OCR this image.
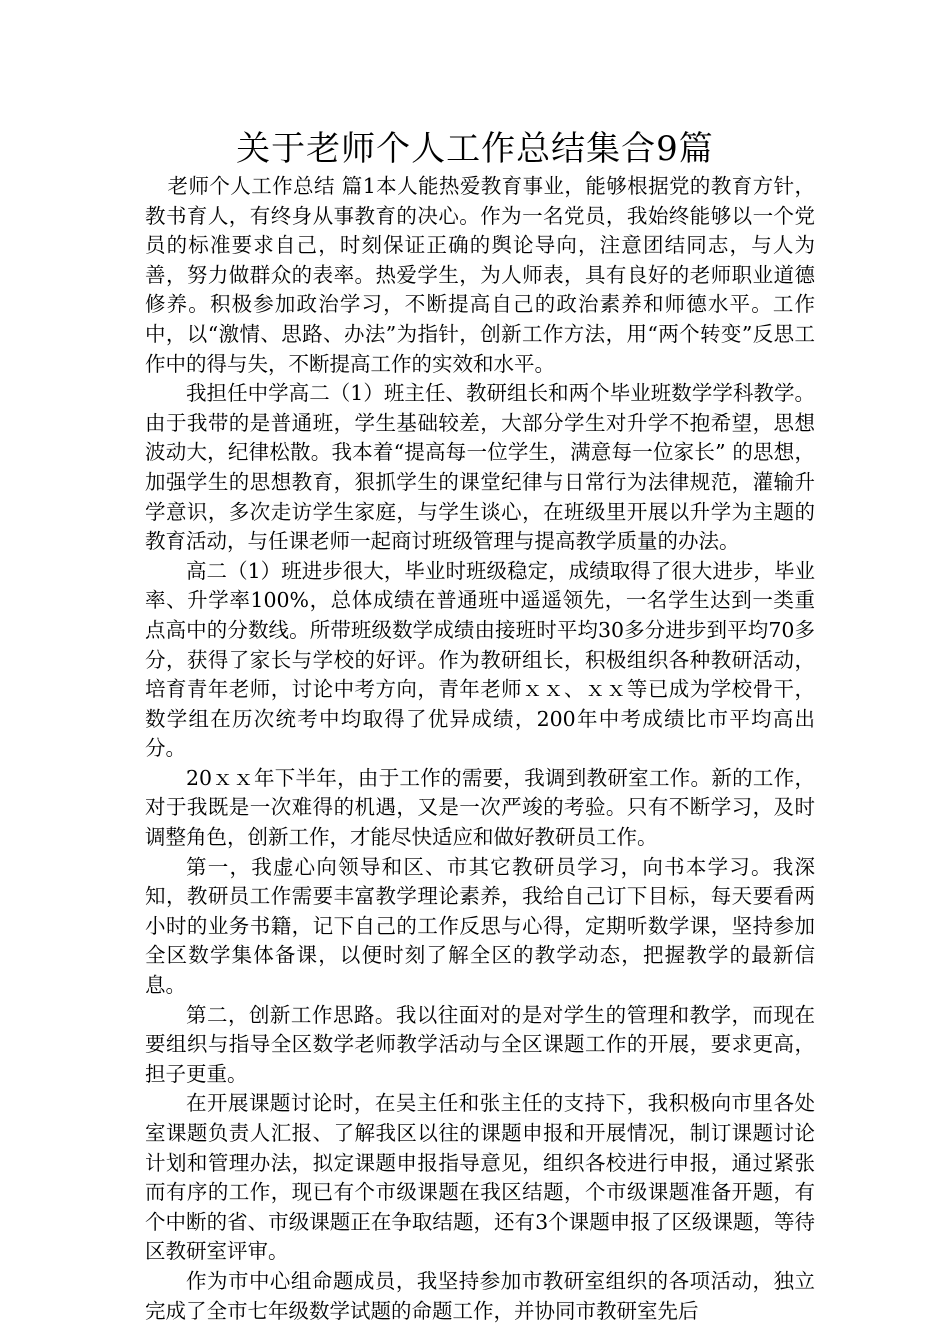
关于老师个人工作总结集合9篇

老师个人工作总结 篇1本人能热爱教育事业，能够根据党的教育方针，教书育人，有终身从事教育的决心。作为一名党员，我始终能够以一个党员的标准要求自己，时刻保证正确的舆论导向，注意团结同志，与人为善，努力做群众的表率。热爱学生，为人师表，具有良好的老师职业道德修养。积极参加政治学习，不断提高自己的政治素养和师德水平。工作中，以“激情、思路、办法”为指针，创新工作方法，用“两个转变”反思工作中的得与失，不断提高工作的实效和水平。

我担任中学高二（1）班主任、教研组长和两个毕业班数学学科教学。由于我带的是普通班，学生基础较差，大部分学生对升学不抱希望，思想波动大，纪律松散。我本着“提高每一位学生，满意每一位家长” 的思想，加强学生的思想教育，狠抓学生的课堂纪律与日常行为法律规范，灌输升学意识，多次走访学生家庭，与学生谈心，在班级里开展以升学为主题的教育活动，与任课老师一起商讨班级管理与提高教学质量的办法。

高二（1）班进步很大，毕业时班级稳定，成绩取得了很大进步，毕业率、升学率100%，总体成绩在普通班中遥遥领先，一名学生达到一类重点高中的分数线。所带班级数学成绩由接班时平均30多分进步到平均70多分，获得了家长与学校的好评。作为教研组长，积极组织各种教研活动，培育青年老师，讨论中考方向，青年老师ｘｘ、ｘｘ等已成为学校骨干，数学组在历次统考中均取得了优异成绩，200年中考成绩比市平均高出分。

20ｘｘ年下半年，由于工作的需要，我调到教研室工作。新的工作，对于我既是一次难得的机遇，又是一次严竣的考验。只有不断学习，及时调整角色，创新工作，才能尽快适应和做好教研员工作。

第一，我虚心向领导和区、市其它教研员学习，向书本学习。我深知，教研员工作需要丰富教学理论素养，我给自己订下目标，每天要看两小时的业务书籍，记下自己的工作反思与心得，定期听数学课，坚持参加全区数学集体备课，以便时刻了解全区的教学动态，把握教学的最新信息。

第二，创新工作思路。我以往面对的是对学生的管理和教学，而现在要组织与指导全区数学老师教学活动与全区课题工作的开展，要求更高，担子更重。

在开展课题讨论时，在吴主任和张主任的支持下，我积极向市里各处室课题负责人汇报、了解我区以往的课题申报和开展情况，制订课题讨论计划和管理办法，拟定课题申报指导意见，组织各校进行申报，通过紧张而有序的工作，现已有个市级课题在我区结题，个市级课题准备开题，有个中断的省、市级课题正在争取结题，还有3个课题申报了区级课题，等待区教研室评审。

作为市中心组命题成员，我坚持参加市教研室组织的各项活动，独立完成了全市七年级数学试题的命题工作，并协同市教研室先后
